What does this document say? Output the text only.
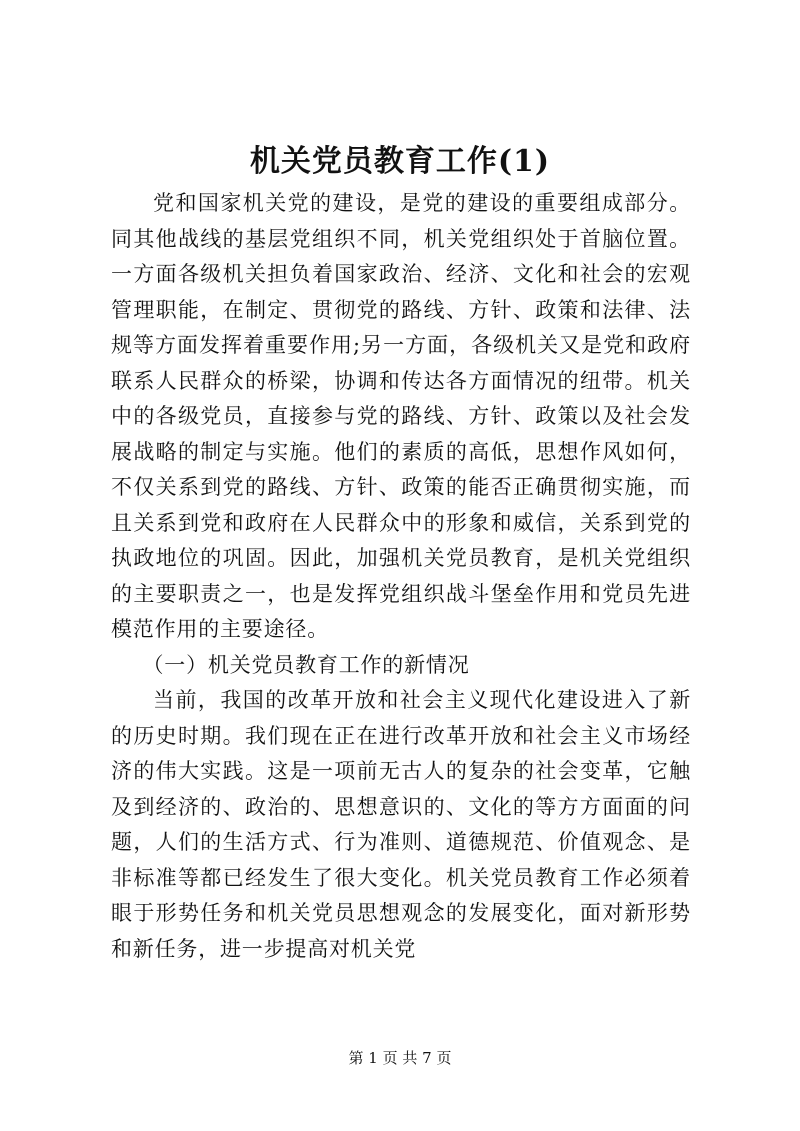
机关党员教育工作(1)

党和国家机关党的建设，是党的建设的重要组成部分。同其他战线的基层党组织不同，机关党组织处于首脑位置。一方面各级机关担负着国家政治、经济、文化和社会的宏观管理职能，在制定、贯彻党的路线、方针、政策和法律、法规等方面发挥着重要作用;另一方面，各级机关又是党和政府联系人民群众的桥梁，协调和传达各方面情况的纽带。机关中的各级党员，直接参与党的路线、方针、政策以及社会发展战略的制定与实施。他们的素质的高低，思想作风如何，不仅关系到党的路线、方针、政策的能否正确贯彻实施，而且关系到党和政府在人民群众中的形象和威信，关系到党的执政地位的巩固。因此，加强机关党员教育，是机关党组织的主要职责之一，也是发挥党组织战斗堡垒作用和党员先进模范作用的主要途径。

（一）机关党员教育工作的新情况

当前，我国的改革开放和社会主义现代化建设进入了新的历史时期。我们现在正在进行改革开放和社会主义市场经济的伟大实践。这是一项前无古人的复杂的社会变革，它触及到经济的、政治的、思想意识的、文化的等方方面面的问题，人们的生活方式、行为准则、道德规范、价值观念、是非标准等都已经发生了很大变化。机关党员教育工作必须着眼于形势任务和机关党员思想观念的发展变化，面对新形势和新任务，进一步提高对机关党

第 1 页 共 7 页
